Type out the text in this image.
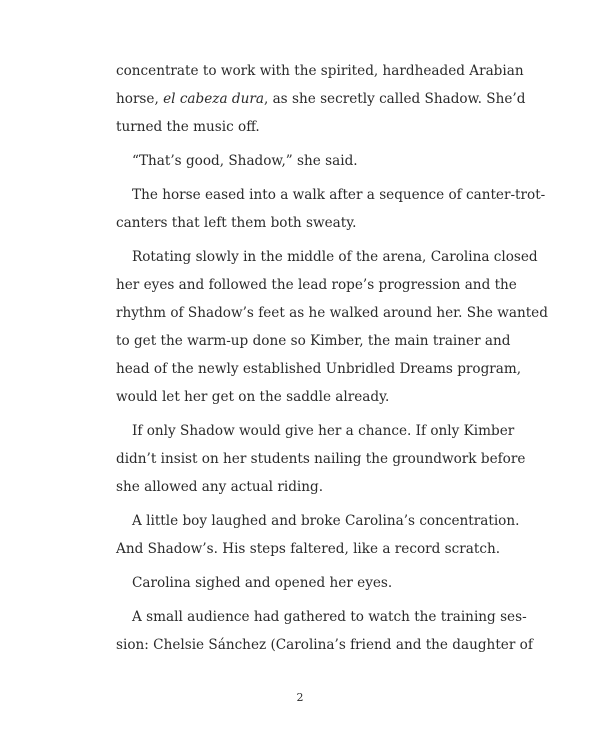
concentrate to work with the spirited, hardheaded Arabian
horse, el cabeza dura, as she secretly called Shadow. She’d
turned the music off.
“That’s good, Shadow,” she said.
The horse eased into a walk after a sequence of canter-trot-
canters that left them both sweaty.
Rotating slowly in the middle of the arena, Carolina closed
her eyes and followed the lead rope’s progression and the
rhythm of Shadow’s feet as he walked around her. She wanted
to get the warm-up done so Kimber, the main trainer and
head of the newly established Unbridled Dreams program,
would let her get on the saddle already.
If only Shadow would give her a chance. If only Kimber
didn’t insist on her students nailing the groundwork before
she allowed any actual riding.
A little boy laughed and broke Carolina’s concentration.
And Shadow’s. His steps faltered, like a record scratch.
Carolina sighed and opened her eyes.
A small audience had gathered to watch the training ses-
sion: Chelsie Sánchez (Carolina’s friend and the daughter of
2
